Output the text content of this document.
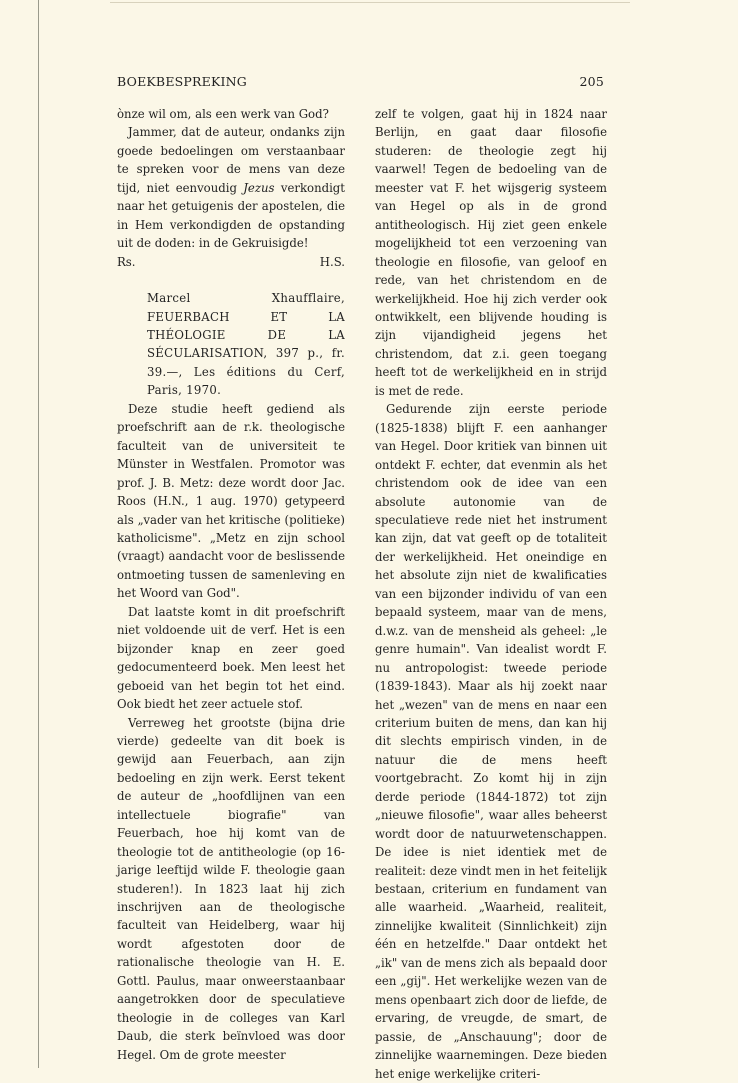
BOEKBESPREKING	205

ònze wil om, als een werk van God?

Jammer, dat de auteur, ondanks zijn goede bedoelingen om verstaanbaar te spreken voor de mens van deze tijd, niet eenvoudig Jezus verkondigt naar het getuigenis der apostelen, die in Hem verkondigden de opstanding uit de doden: in de Gekruisigde!

Rs.	H.S.
Marcel Xhaufflaire, FEUERBACH ET LA THÉOLOGIE DE LA SÉCULARISATION, 397 p., fr. 39.—, Les éditions du Cerf, Paris, 1970.

Deze studie heeft gediend als proefschrift aan de r.k. theologische faculteit van de universiteit te Münster in Westfalen. Promotor was prof. J. B. Metz: deze wordt door Jac. Roos (H.N., 1 aug. 1970) getypeerd als „vader van het kritische (politieke) katholicisme". „Metz en zijn school (vraagt) aandacht voor de beslissende ontmoeting tussen de samenleving en het Woord van God".

Dat laatste komt in dit proefschrift niet voldoende uit de verf. Het is een bijzonder knap en zeer goed gedocumenteerd boek. Men leest het geboeid van het begin tot het eind. Ook biedt het zeer actuele stof.

Verreweg het grootste (bijna drie vierde) gedeelte van dit boek is gewijd aan Feuerbach, aan zijn bedoeling en zijn werk. Eerst tekent de auteur de „hoofdlijnen van een intellectuele biografie" van Feuerbach, hoe hij komt van de theologie tot de antitheologie (op 16-jarige leeftijd wilde F. theologie gaan studeren!). In 1823 laat hij zich inschrijven aan de theologische faculteit van Heidelberg, waar hij wordt afgestoten door de rationalische theologie van H. E. Gottl. Paulus, maar onweerstaanbaar aangetrokken door de speculatieve theologie in de colleges van Karl Daub, die sterk beïnvloed was door Hegel. Om de grote meester

zelf te volgen, gaat hij in 1824 naar Berlijn, en gaat daar filosofie studeren: de theologie zegt hij vaarwel! Tegen de bedoeling van de meester vat F. het wijsgerig systeem van Hegel op als in de grond antitheologisch. Hij ziet geen enkele mogelijkheid tot een verzoening van theologie en filosofie, van geloof en rede, van het christendom en de werkelijkheid. Hoe hij zich verder ook ontwikkelt, een blijvende houding is zijn vijandigheid jegens het christendom, dat z.i. geen toegang heeft tot de werkelijkheid en in strijd is met de rede.

Gedurende zijn eerste periode (1825-1838) blijft F. een aanhanger van Hegel. Door kritiek van binnen uit ontdekt F. echter, dat evenmin als het christendom ook de idee van een absolute autonomie van de speculatieve rede niet het instrument kan zijn, dat vat geeft op de totaliteit der werkelijkheid. Het oneindige en het absolute zijn niet de kwalificaties van een bijzonder individu of van een bepaald systeem, maar van de mens, d.w.z. van de mensheid als geheel: „le genre humain". Van idealist wordt F. nu antropologist: tweede periode (1839-1843). Maar als hij zoekt naar het „wezen" van de mens en naar een criterium buiten de mens, dan kan hij dit slechts empirisch vinden, in de natuur die de mens heeft voortgebracht. Zo komt hij in zijn derde periode (1844-1872) tot zijn „nieuwe filosofie", waar alles beheerst wordt door de natuurwetenschappen. De idee is niet identiek met de realiteit: deze vindt men in het feitelijk bestaan, criterium en fundament van alle waarheid. „Waarheid, realiteit, zinnelijke kwaliteit (Sinnlichkeit) zijn één en hetzelfde." Daar ontdekt het „ik" van de mens zich als bepaald door een „gij". Het werkelijke wezen van de mens openbaart zich door de liefde, de ervaring, de vreugde, de smart, de passie, de „Anschauung"; door de zinnelijke waarnemingen. Deze bieden het enige werkelijke criteri-
